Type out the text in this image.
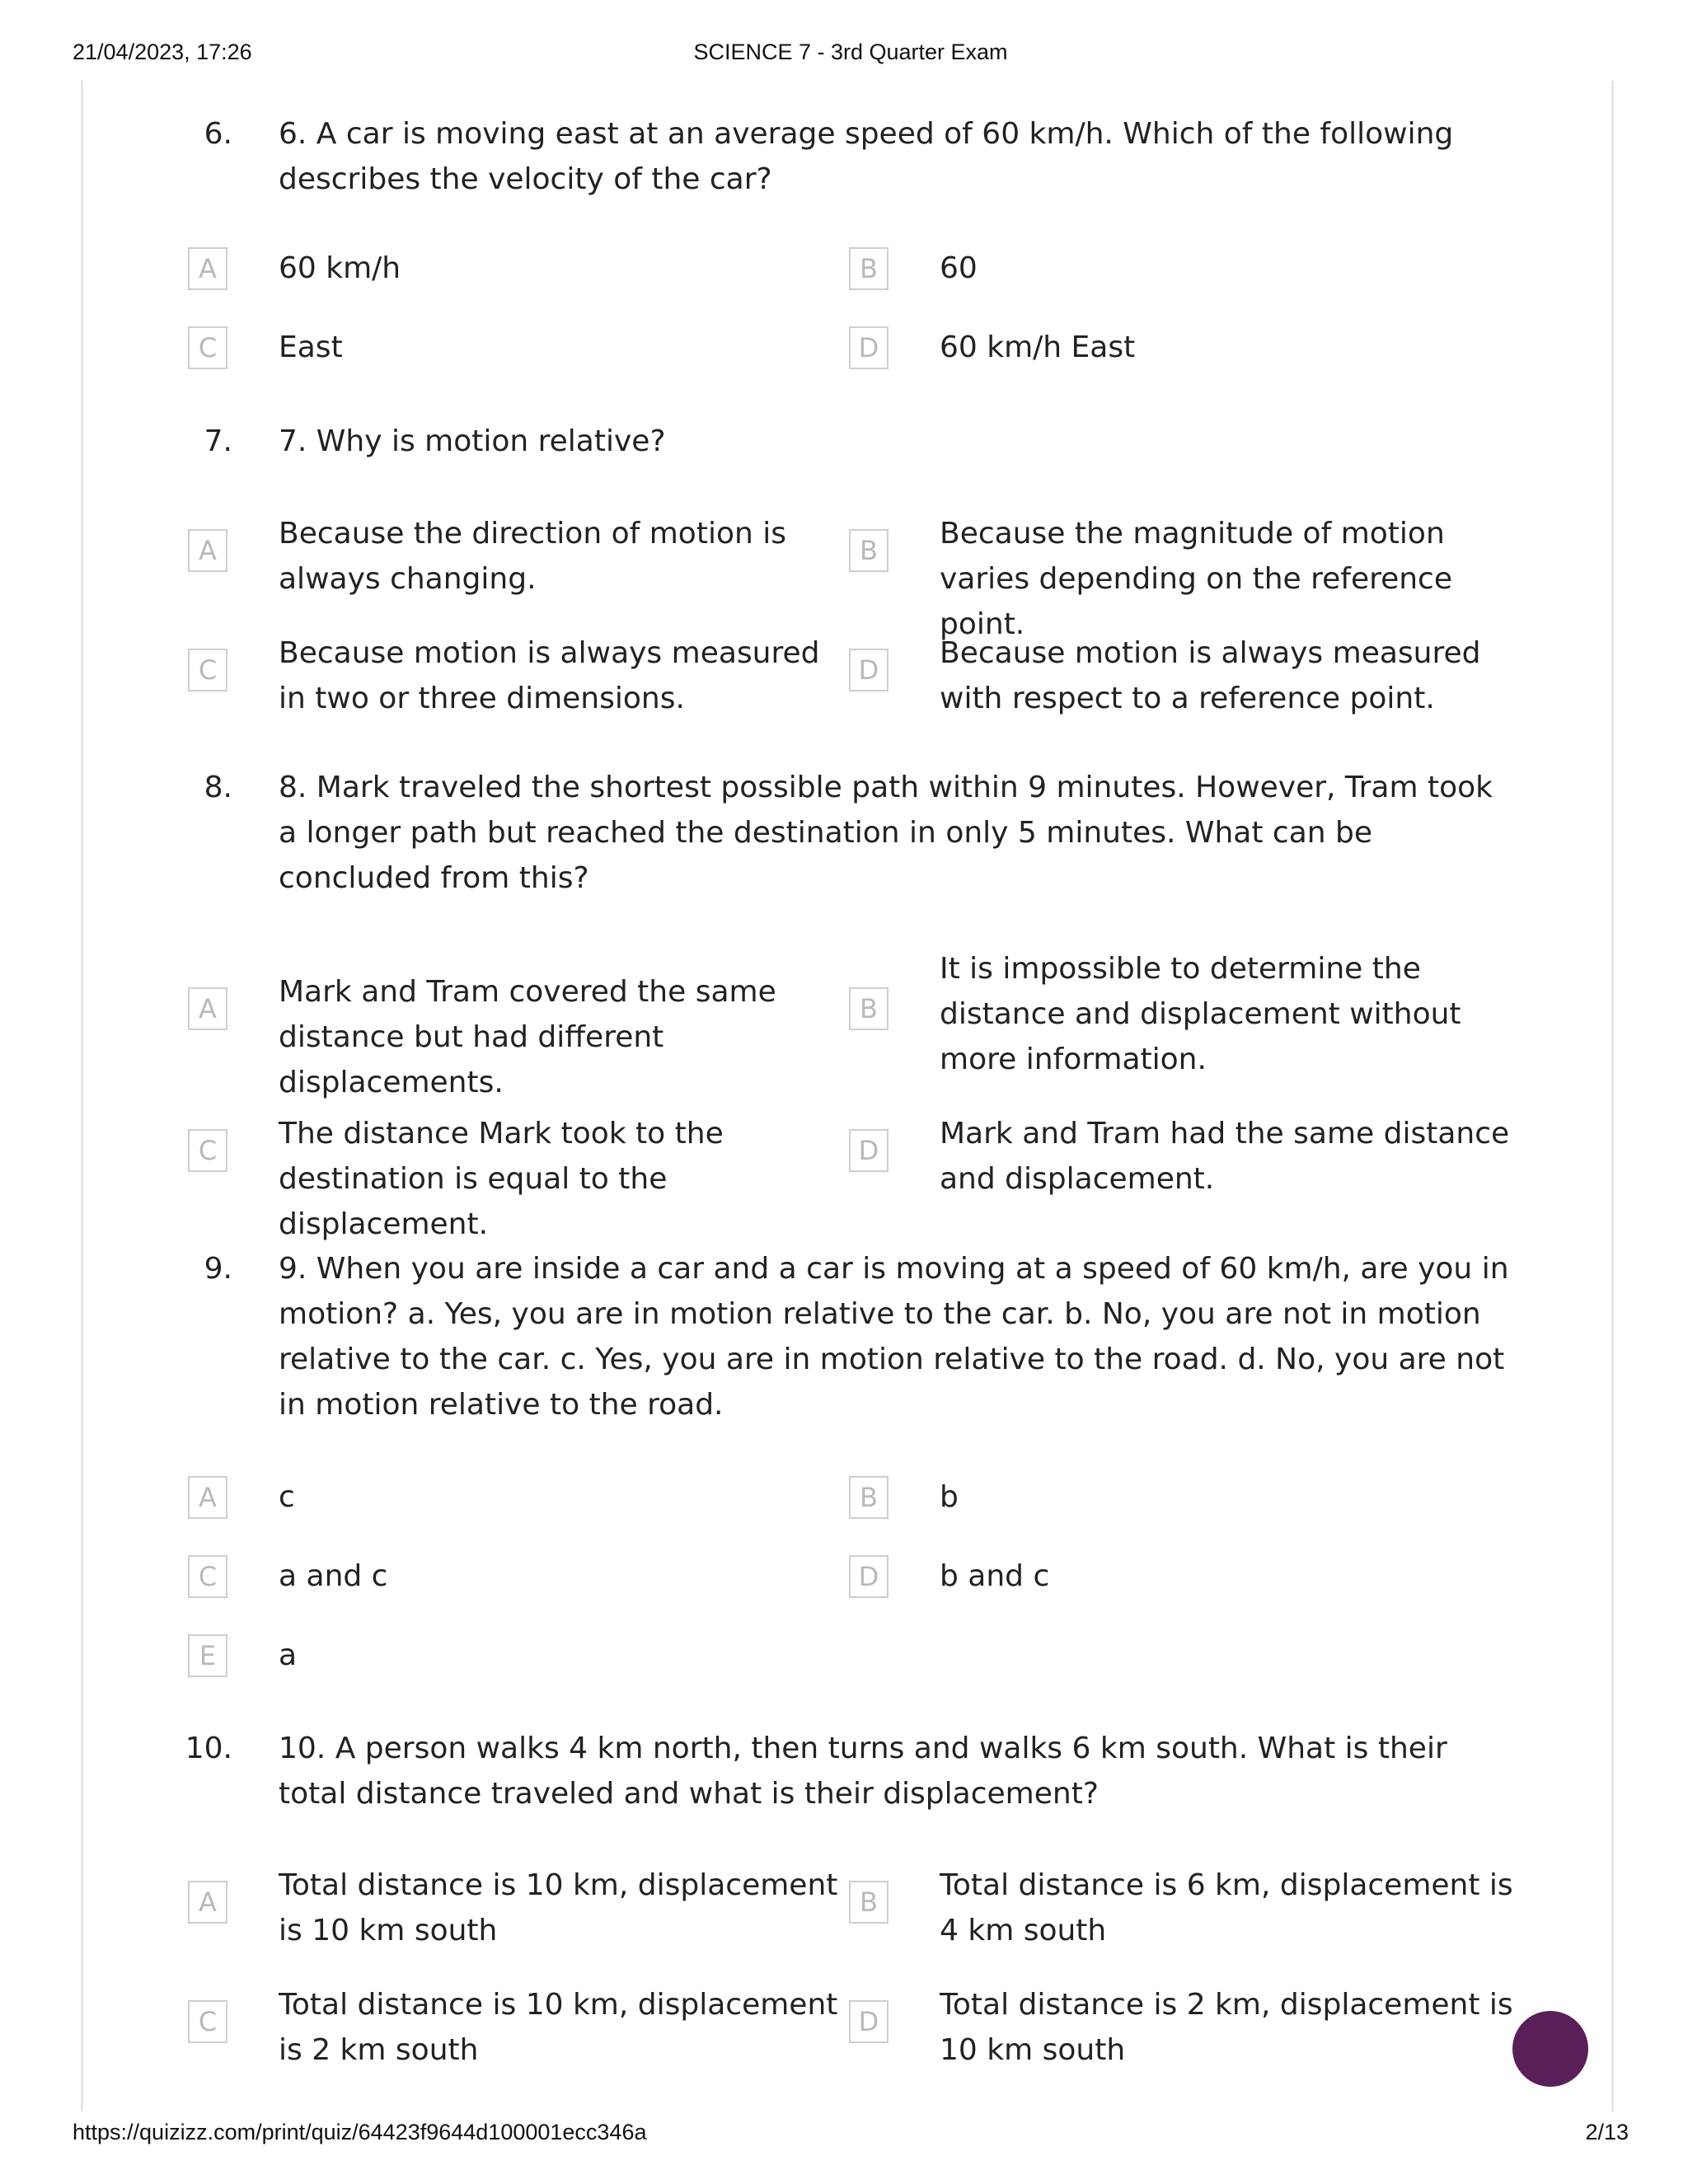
21/04/2023, 17:26	SCIENCE 7 - 3rd Quarter Exam
6. 6. A car is moving east at an average speed of 60 km/h. Which of the following describes the velocity of the car?
A	60 km/h	B	60
C	East	D	60 km/h East
7. 7. Why is motion relative?
A	Because the direction of motion is always changing.
B	Because the magnitude of motion varies depending on the reference point.
C	Because motion is always measured in two or three dimensions.
D	Because motion is always measured with respect to a reference point.
8. 8. Mark traveled the shortest possible path within 9 minutes. However, Tram took a longer path but reached the destination in only 5 minutes. What can be concluded from this?
A	Mark and Tram covered the same distance but had different displacements.
B
It is impossible to determine the distance and displacement without more information.
C	The distance Mark took to the destination is equal to the displacement.
D	Mark and Tram had the same distance and displacement.
9. 9. When you are inside a car and a car is moving at a speed of 60 km/h, are you in motion? a. Yes, you are in motion relative to the car. b. No, you are not in motion relative to the car. c. Yes, you are in motion relative to the road. d. No, you are not in motion relative to the road.
A	c	B	b
C	a and c	D	b and c
E	a
10. 10. A person walks 4 km north, then turns and walks 6 km south. What is their total distance traveled and what is their displacement?
A	Total distance is 10 km, displacement is 10 km south
B	Total distance is 6 km, displacement is 4 km south
C	Total distance is 10 km, displacement is 2 km south
D	Total distance is 2 km, displacement is 10 km south
https://quizizz.com/print/quiz/64423f9644d100001ecc346a	2/13
